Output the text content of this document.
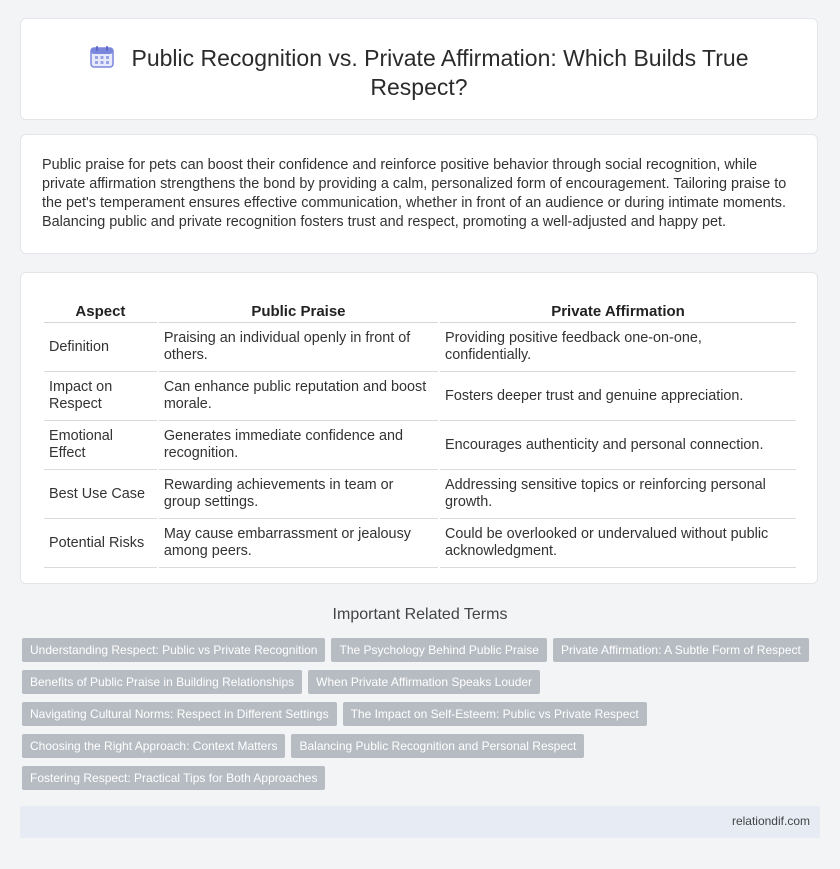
Public Recognition vs. Private Affirmation: Which Builds True Respect?
Public praise for pets can boost their confidence and reinforce positive behavior through social recognition, while private affirmation strengthens the bond by providing a calm, personalized form of encouragement. Tailoring praise to the pet's temperament ensures effective communication, whether in front of an audience or during intimate moments. Balancing public and private recognition fosters trust and respect, promoting a well-adjusted and happy pet.
Aspect	Public Praise	Private Affirmation
Definition	Praising an individual openly in front of others.	Providing positive feedback one-on-one, confidentially.
Impact on Respect	Can enhance public reputation and boost morale.	Fosters deeper trust and genuine appreciation.
Emotional Effect	Generates immediate confidence and recognition.	Encourages authenticity and personal connection.
Best Use Case	Rewarding achievements in team or group settings.	Addressing sensitive topics or reinforcing personal growth.
Potential Risks	May cause embarrassment or jealousy among peers.	Could be overlooked or undervalued without public acknowledgment.
Important Related Terms
Understanding Respect: Public vs Private Recognition	The Psychology Behind Public Praise	Private Affirmation: A Subtle Form of Respect
Benefits of Public Praise in Building Relationships	When Private Affirmation Speaks Louder
Navigating Cultural Norms: Respect in Different Settings	The Impact on Self-Esteem: Public vs Private Respect
Choosing the Right Approach: Context Matters	Balancing Public Recognition and Personal Respect
Fostering Respect: Practical Tips for Both Approaches
relationdif.com
